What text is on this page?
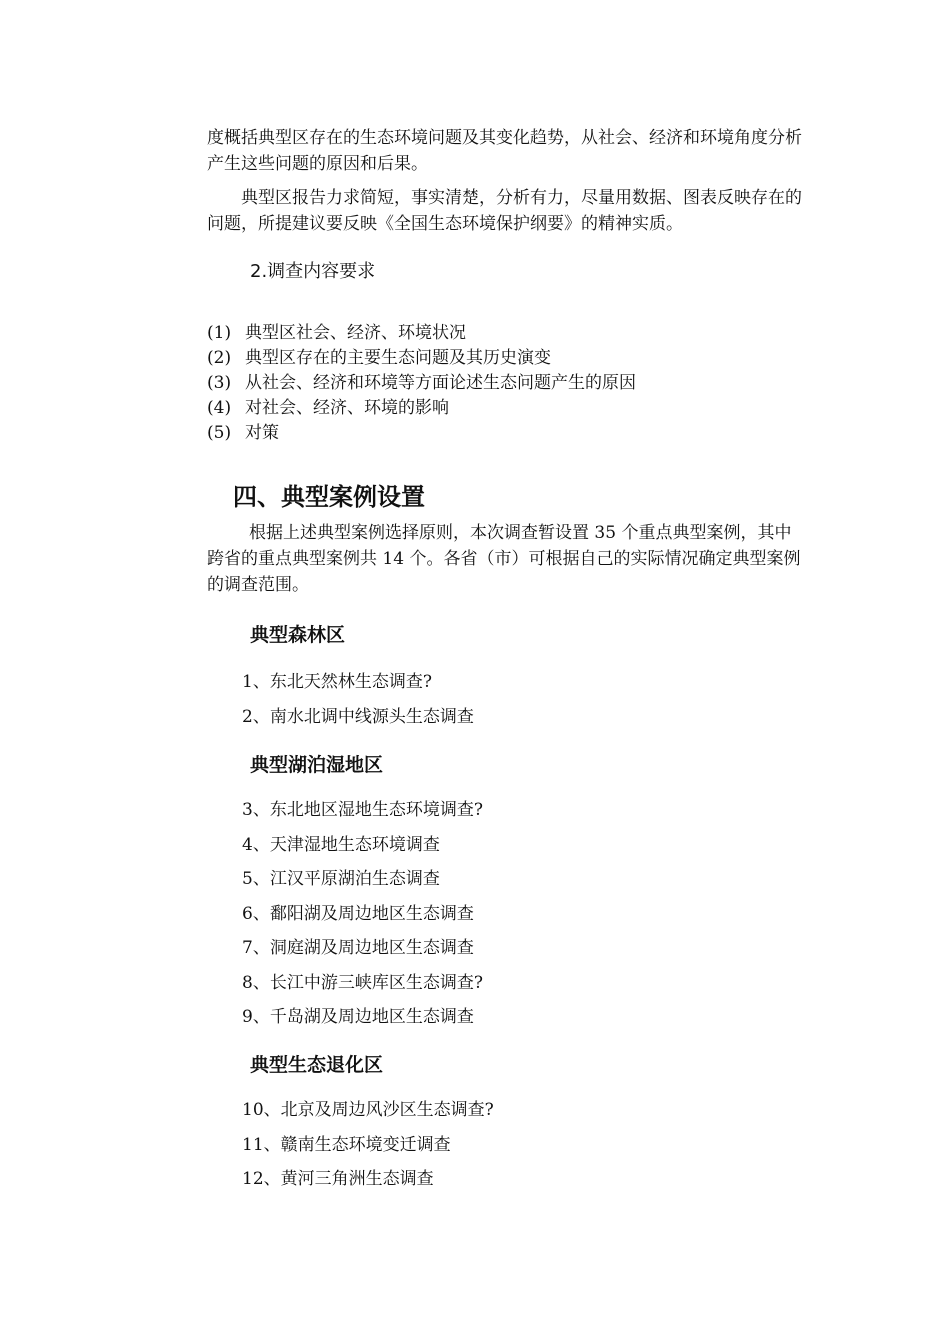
度概括典型区存在的生态环境问题及其变化趋势，从社会、经济和环境角度分析产生这些问题的原因和后果。

典型区报告力求简短，事实清楚，分析有力，尽量用数据、图表反映存在的问题，所提建议要反映《全国生态环境保护纲要》的精神实质。

2.调查内容要求
(1) 典型区社会、经济、环境状况
(2) 典型区存在的主要生态问题及其历史演变
(3) 从社会、经济和环境等方面论述生态问题产生的原因
(4) 对社会、经济、环境的影响
(5) 对策
四、典型案例设置

根据上述典型案例选择原则，本次调查暂设置 35 个重点典型案例，其中跨省的重点典型案例共 14 个。各省（市）可根据自己的实际情况确定典型案例的调查范围。

典型森林区
1、东北天然林生态调查?
2、南水北调中线源头生态调查
典型湖泊湿地区
3、东北地区湿地生态环境调查?
4、天津湿地生态环境调查
5、江汉平原湖泊生态调查
6、鄱阳湖及周边地区生态调查
7、洞庭湖及周边地区生态调查
8、长江中游三峡库区生态调查?
9、千岛湖及周边地区生态调查
典型生态退化区
10、北京及周边风沙区生态调查?
11、赣南生态环境变迁调查
12、黄河三角洲生态调查
